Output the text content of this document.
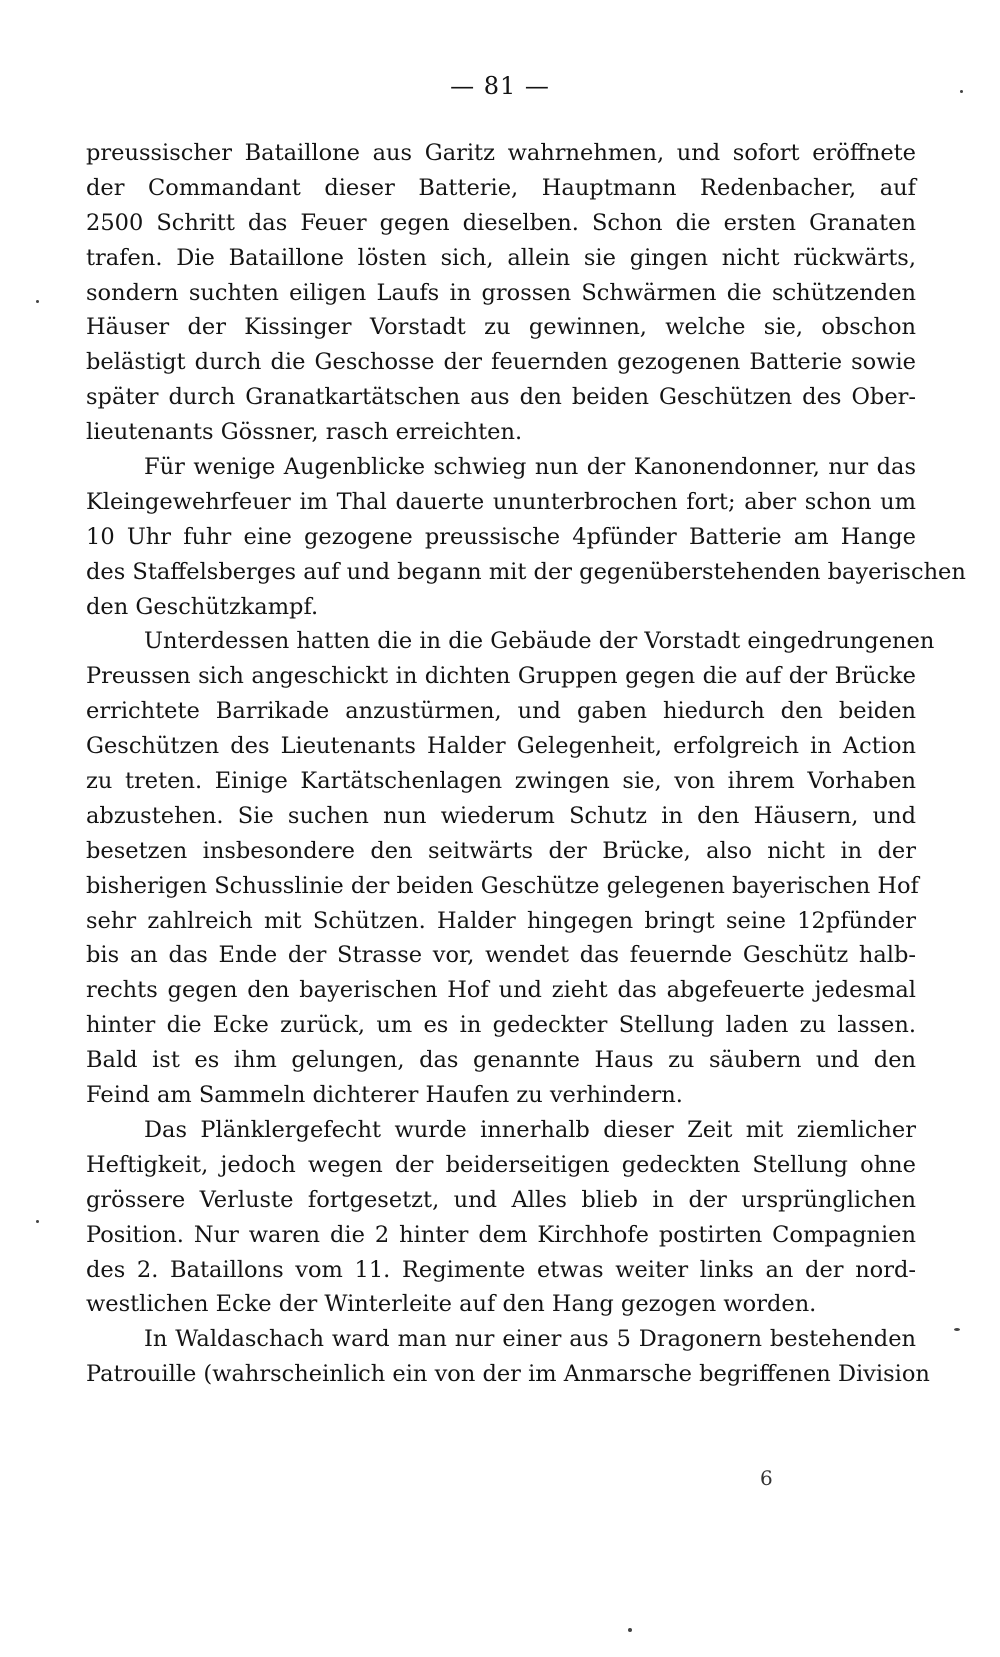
— 81 —
preussischer Bataillone aus Garitz wahrnehmen, und sofort eröffnete
der Commandant dieser Batterie, Hauptmann Redenbacher, auf
2500 Schritt das Feuer gegen dieselben. Schon die ersten Granaten
trafen. Die Bataillone lösten sich, allein sie gingen nicht rückwärts,
sondern suchten eiligen Laufs in grossen Schwärmen die schützenden
Häuser der Kissinger Vorstadt zu gewinnen, welche sie, obschon
belästigt durch die Geschosse der feuernden gezogenen Batterie sowie
später durch Granatkartätschen aus den beiden Geschützen des Ober-
lieutenants Gössner, rasch erreichten.
Für wenige Augenblicke schwieg nun der Kanonendonner, nur das
Kleingewehrfeuer im Thal dauerte ununterbrochen fort; aber schon um
10 Uhr fuhr eine gezogene preussische 4pfünder Batterie am Hange
des Staffelsberges auf und begann mit der gegenüberstehenden bayerischen
den Geschützkampf.
Unterdessen hatten die in die Gebäude der Vorstadt eingedrungenen
Preussen sich angeschickt in dichten Gruppen gegen die auf der Brücke
errichtete Barrikade anzustürmen, und gaben hiedurch den beiden
Geschützen des Lieutenants Halder Gelegenheit, erfolgreich in Action
zu treten. Einige Kartätschenlagen zwingen sie, von ihrem Vorhaben
abzustehen. Sie suchen nun wiederum Schutz in den Häusern, und
besetzen insbesondere den seitwärts der Brücke, also nicht in der
bisherigen Schusslinie der beiden Geschütze gelegenen bayerischen Hof
sehr zahlreich mit Schützen. Halder hingegen bringt seine 12pfünder
bis an das Ende der Strasse vor, wendet das feuernde Geschütz halb-
rechts gegen den bayerischen Hof und zieht das abgefeuerte jedesmal
hinter die Ecke zurück, um es in gedeckter Stellung laden zu lassen.
Bald ist es ihm gelungen, das genannte Haus zu säubern und den
Feind am Sammeln dichterer Haufen zu verhindern.
Das Plänklergefecht wurde innerhalb dieser Zeit mit ziemlicher
Heftigkeit, jedoch wegen der beiderseitigen gedeckten Stellung ohne
grössere Verluste fortgesetzt, und Alles blieb in der ursprünglichen
Position. Nur waren die 2 hinter dem Kirchhofe postirten Compagnien
des 2. Bataillons vom 11. Regimente etwas weiter links an der nord-
westlichen Ecke der Winterleite auf den Hang gezogen worden.
In Waldaschach ward man nur einer aus 5 Dragonern bestehenden
Patrouille (wahrscheinlich ein von der im Anmarsche begriffenen Division
6
